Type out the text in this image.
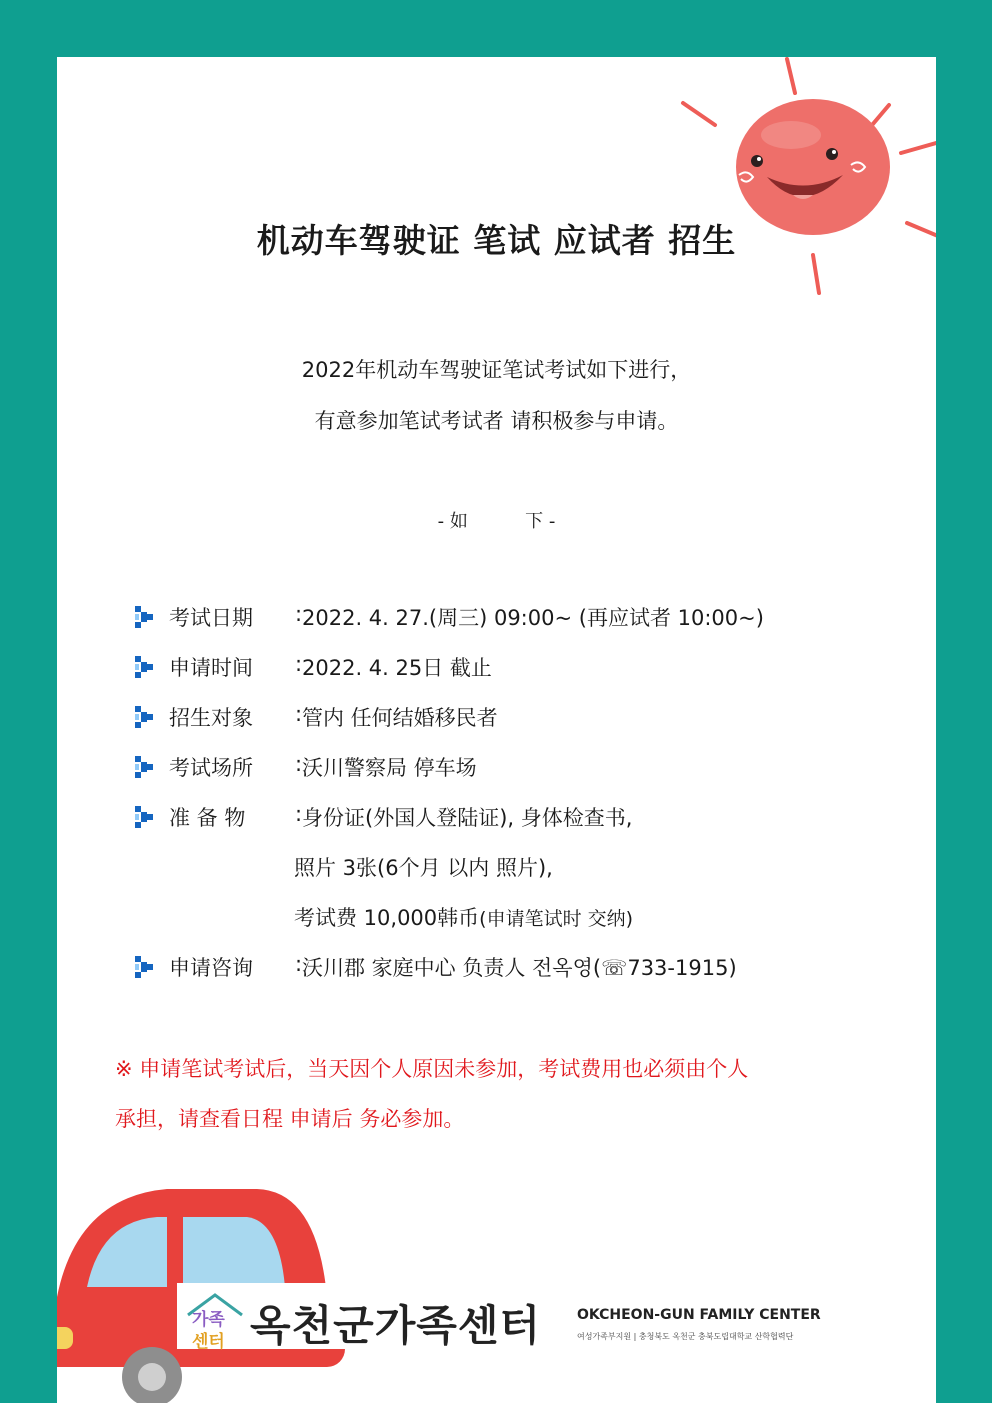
机动车驾驶证 笔试 应试者 招生
2022年机动车驾驶证笔试考试如下进行，
有意参加笔试考试者 请积极参与申请。
- 如          下 -
考试日期 : 2022. 4. 27.(周三) 09:00~ (再应试者 10:00~)
申请时间 : 2022. 4. 25日 截止
招生对象 : 管内 任何结婚移民者
考试场所 : 沃川警察局 停车场
准 备 物 : 身份证(外国人登陆证), 身体检查书,
照片 3张(6个月 以内 照片),
考试费 10,000韩币(申请笔试时 交纳)
申请咨询 : 沃川郡 家庭中心 负责人 전옥영(☏733-1915)
※ 申请笔试考试后，当天因个人原因未参加，考试费用也必须由个人
承担，请查看日程 申请后 务必参加。
가족
센터 옥천군가족센터	OKCHEON-GUN FAMILY CENTER
여성가족부지원 | 충청북도 옥천군 충북도립대학교 산학협력단
